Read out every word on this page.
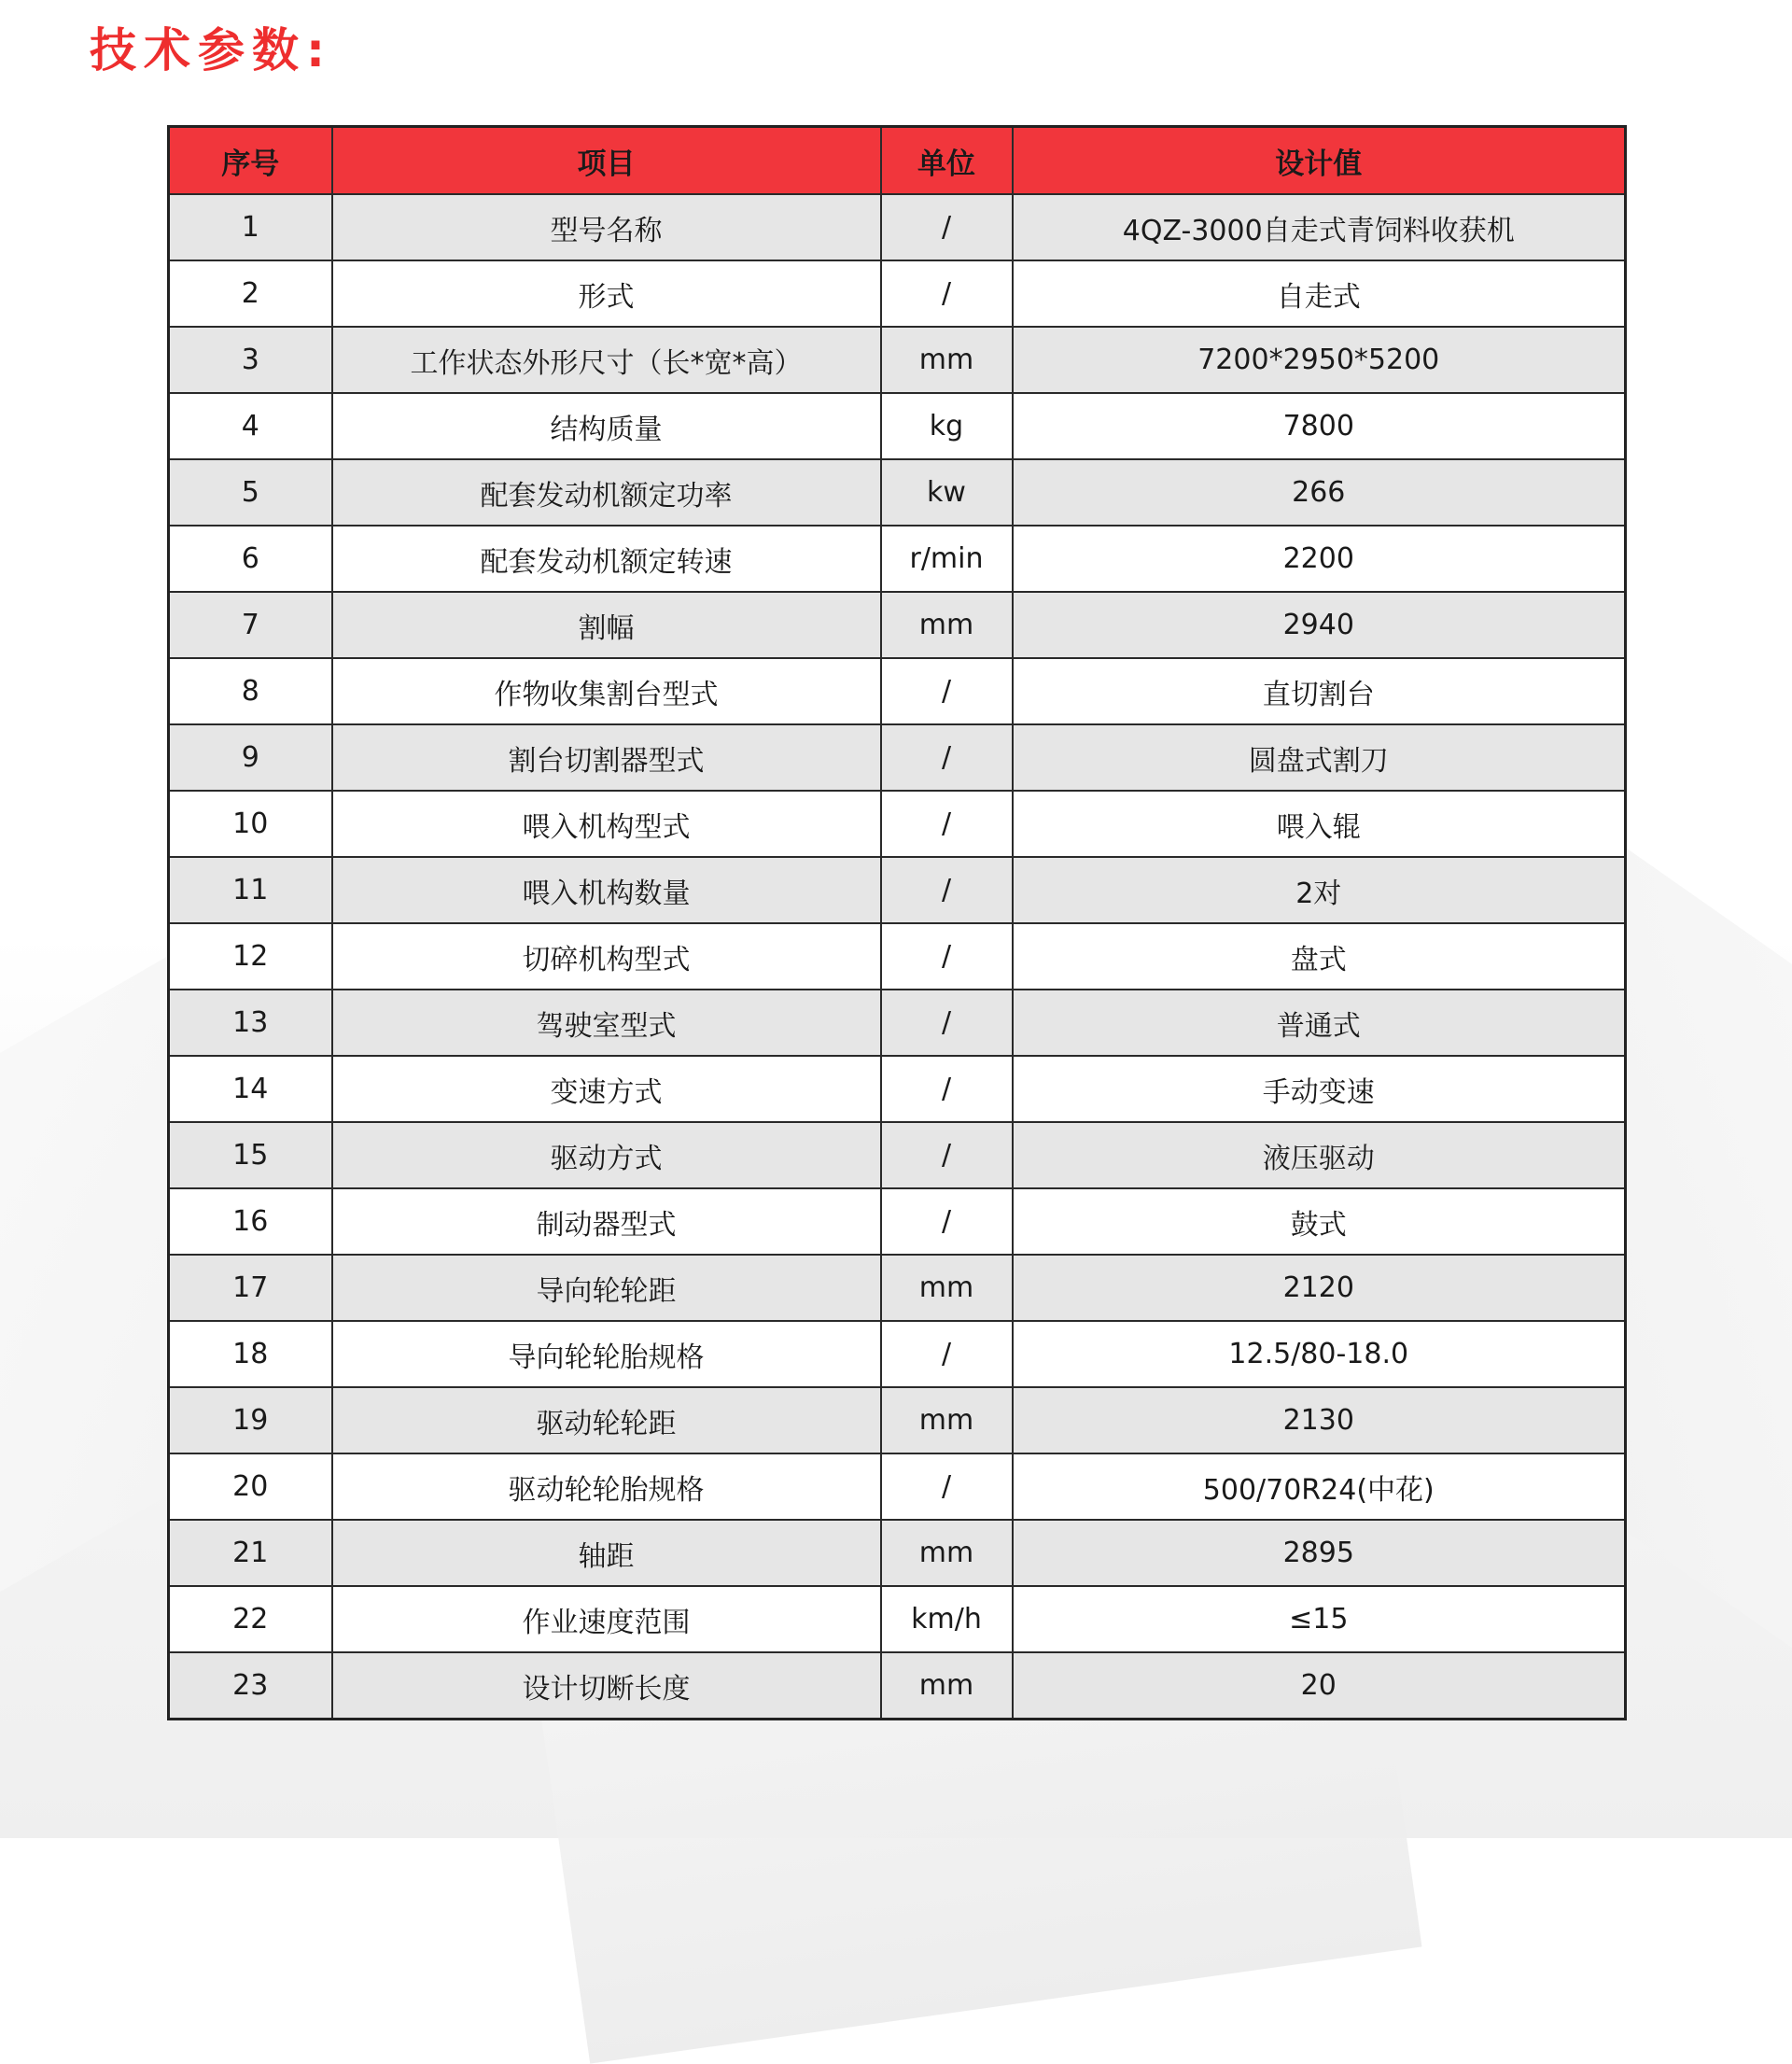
技术参数:
序号	项目	单位	设计值
1	型号名称	/	4QZ-3000自走式青饲料收获机
2	形式	/	自走式
3	工作状态外形尺寸（长*宽*高）	mm	7200*2950*5200
4	结构质量	kg	7800
5	配套发动机额定功率	kw	266
6	配套发动机额定转速	r/min	2200
7	割幅	mm	2940
8	作物收集割台型式	/	直切割台
9	割台切割器型式	/	圆盘式割刀
10	喂入机构型式	/	喂入辊
11	喂入机构数量	/	2对
12	切碎机构型式	/	盘式
13	驾驶室型式	/	普通式
14	变速方式	/	手动变速
15	驱动方式	/	液压驱动
16	制动器型式	/	鼓式
17	导向轮轮距	mm	2120
18	导向轮轮胎规格	/	12.5/80-18.0
19	驱动轮轮距	mm	2130
20	驱动轮轮胎规格	/	500/70R24(中花)
21	轴距	mm	2895
22	作业速度范围	km/h	≤15
23	设计切断长度	mm	20
